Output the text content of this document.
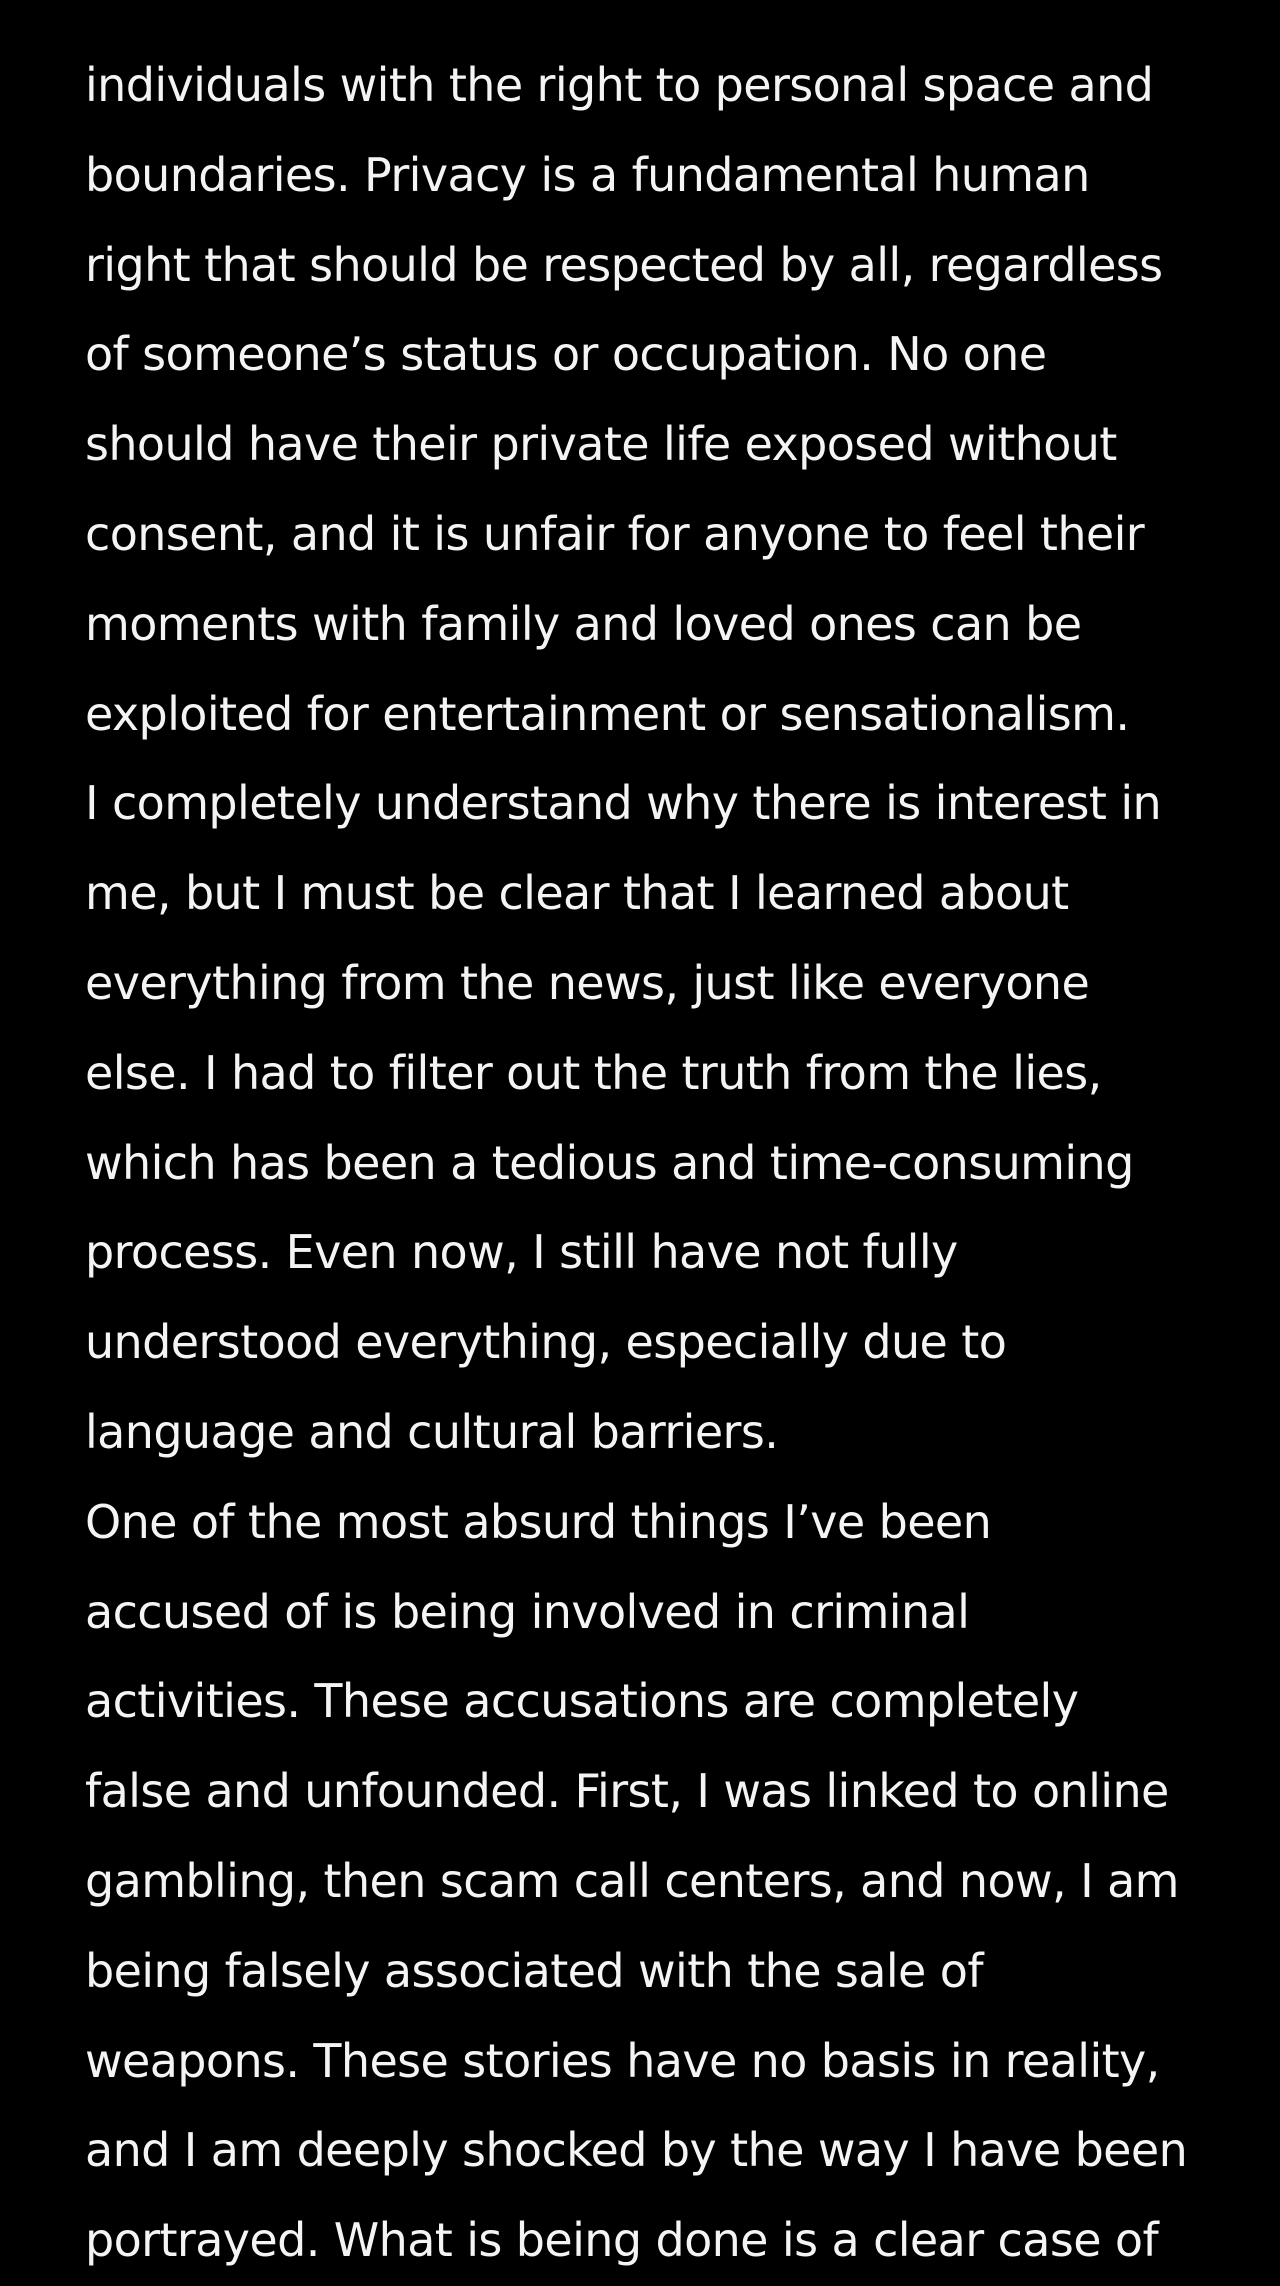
individuals with the right to personal space and
boundaries. Privacy is a fundamental human
right that should be respected by all, regardless
of someone’s status or occupation. No one
should have their private life exposed without
consent, and it is unfair for anyone to feel their
moments with family and loved ones can be
exploited for entertainment or sensationalism.
I completely understand why there is interest in
me, but I must be clear that I learned about
everything from the news, just like everyone
else. I had to filter out the truth from the lies,
which has been a tedious and time-consuming
process. Even now, I still have not fully
understood everything, especially due to
language and cultural barriers.
One of the most absurd things I’ve been
accused of is being involved in criminal
activities. These accusations are completely
false and unfounded. First, I was linked to online
gambling, then scam call centers, and now, I am
being falsely associated with the sale of
weapons. These stories have no basis in reality,
and I am deeply shocked by the way I have been
portrayed. What is being done is a clear case of
